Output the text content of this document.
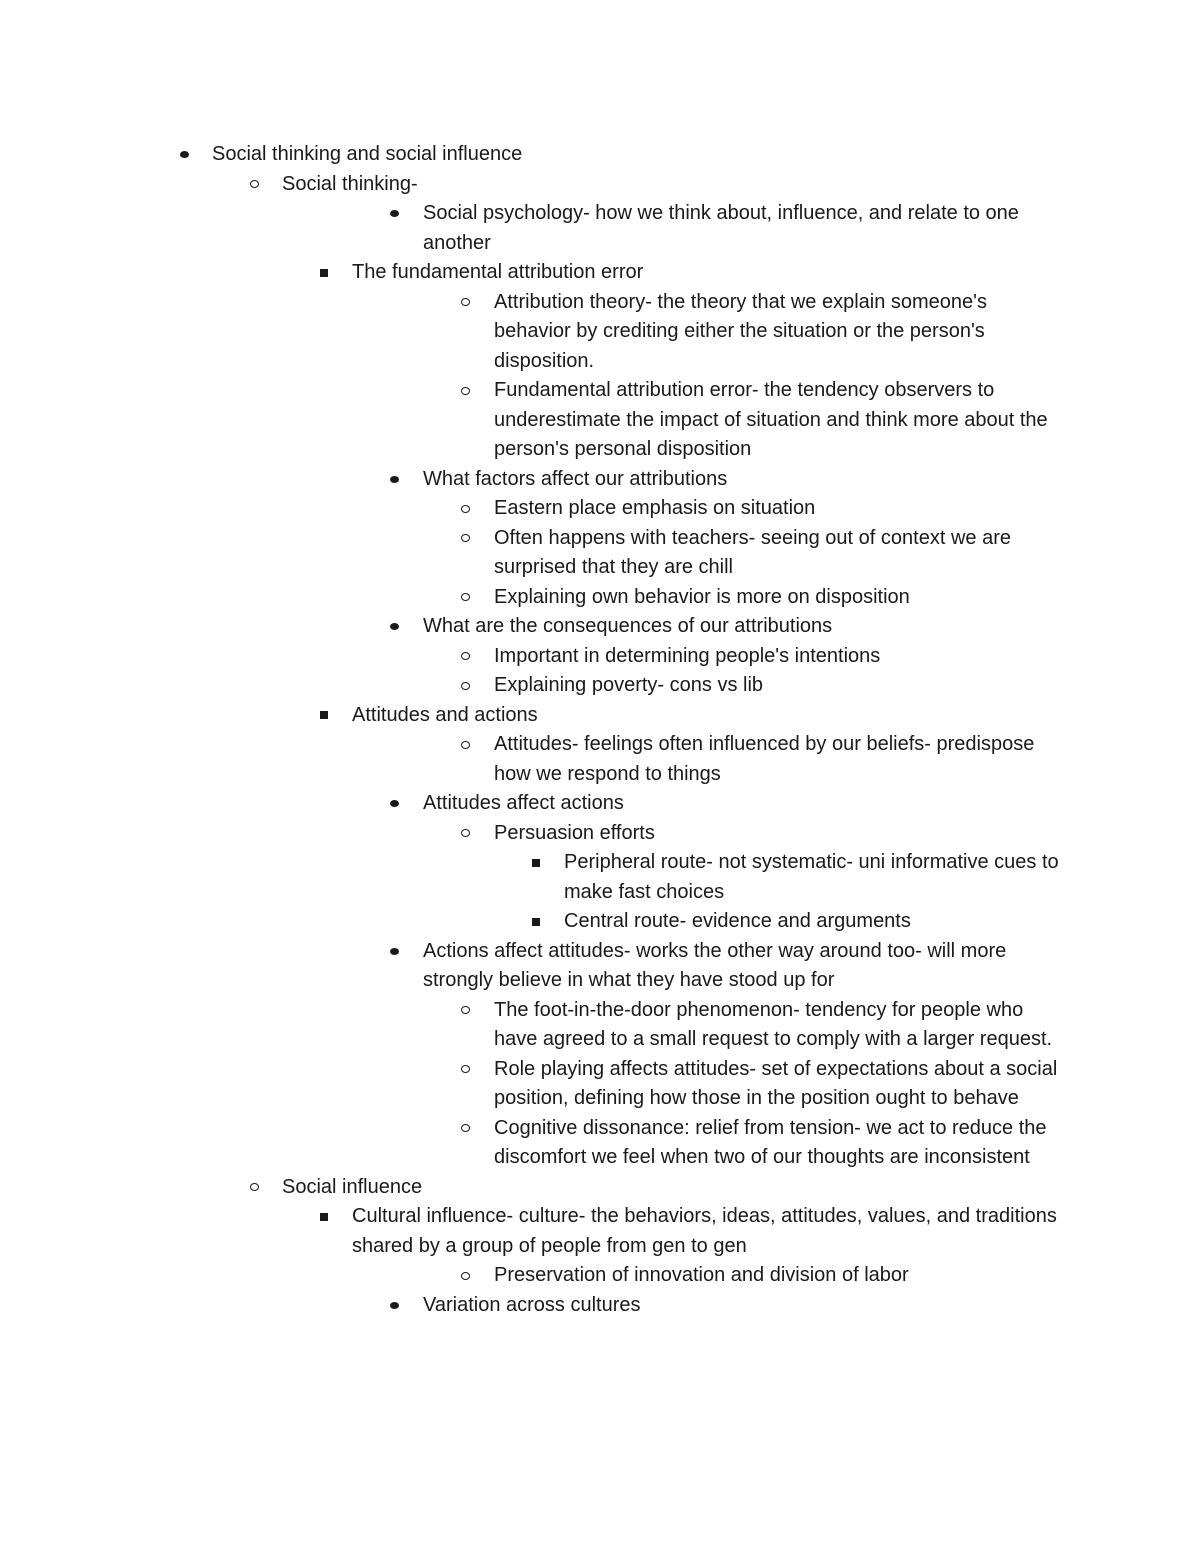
Social thinking and social influence
Social thinking-
Social psychology- how we think about, influence, and relate to one another
The fundamental attribution error
Attribution theory- the theory that we explain someone's behavior by crediting either the situation or the person's disposition.
Fundamental attribution error- the tendency observers to underestimate the impact of situation and think more about the person's personal disposition
What factors affect our attributions
Eastern place emphasis on situation
Often happens with teachers- seeing out of context we are surprised that they are chill
Explaining own behavior is more on disposition
What are the consequences of our attributions
Important in determining people's intentions
Explaining poverty- cons vs lib
Attitudes and actions
Attitudes- feelings often influenced by our beliefs- predispose how we respond to things
Attitudes affect actions
Persuasion efforts
Peripheral route- not systematic- uni informative cues to make fast choices
Central route- evidence and arguments
Actions affect attitudes- works the other way around too- will more strongly believe in what they have stood up for
The foot-in-the-door phenomenon- tendency for people who have agreed to a small request to comply with a larger request.
Role playing affects attitudes- set of expectations about a social position, defining how those in the position ought to behave
Cognitive dissonance: relief from tension- we act to reduce the discomfort we feel when two of our thoughts are inconsistent
Social influence
Cultural influence- culture- the behaviors, ideas, attitudes, values, and traditions shared by a group of people from gen to gen
Preservation of innovation and division of labor
Variation across cultures
